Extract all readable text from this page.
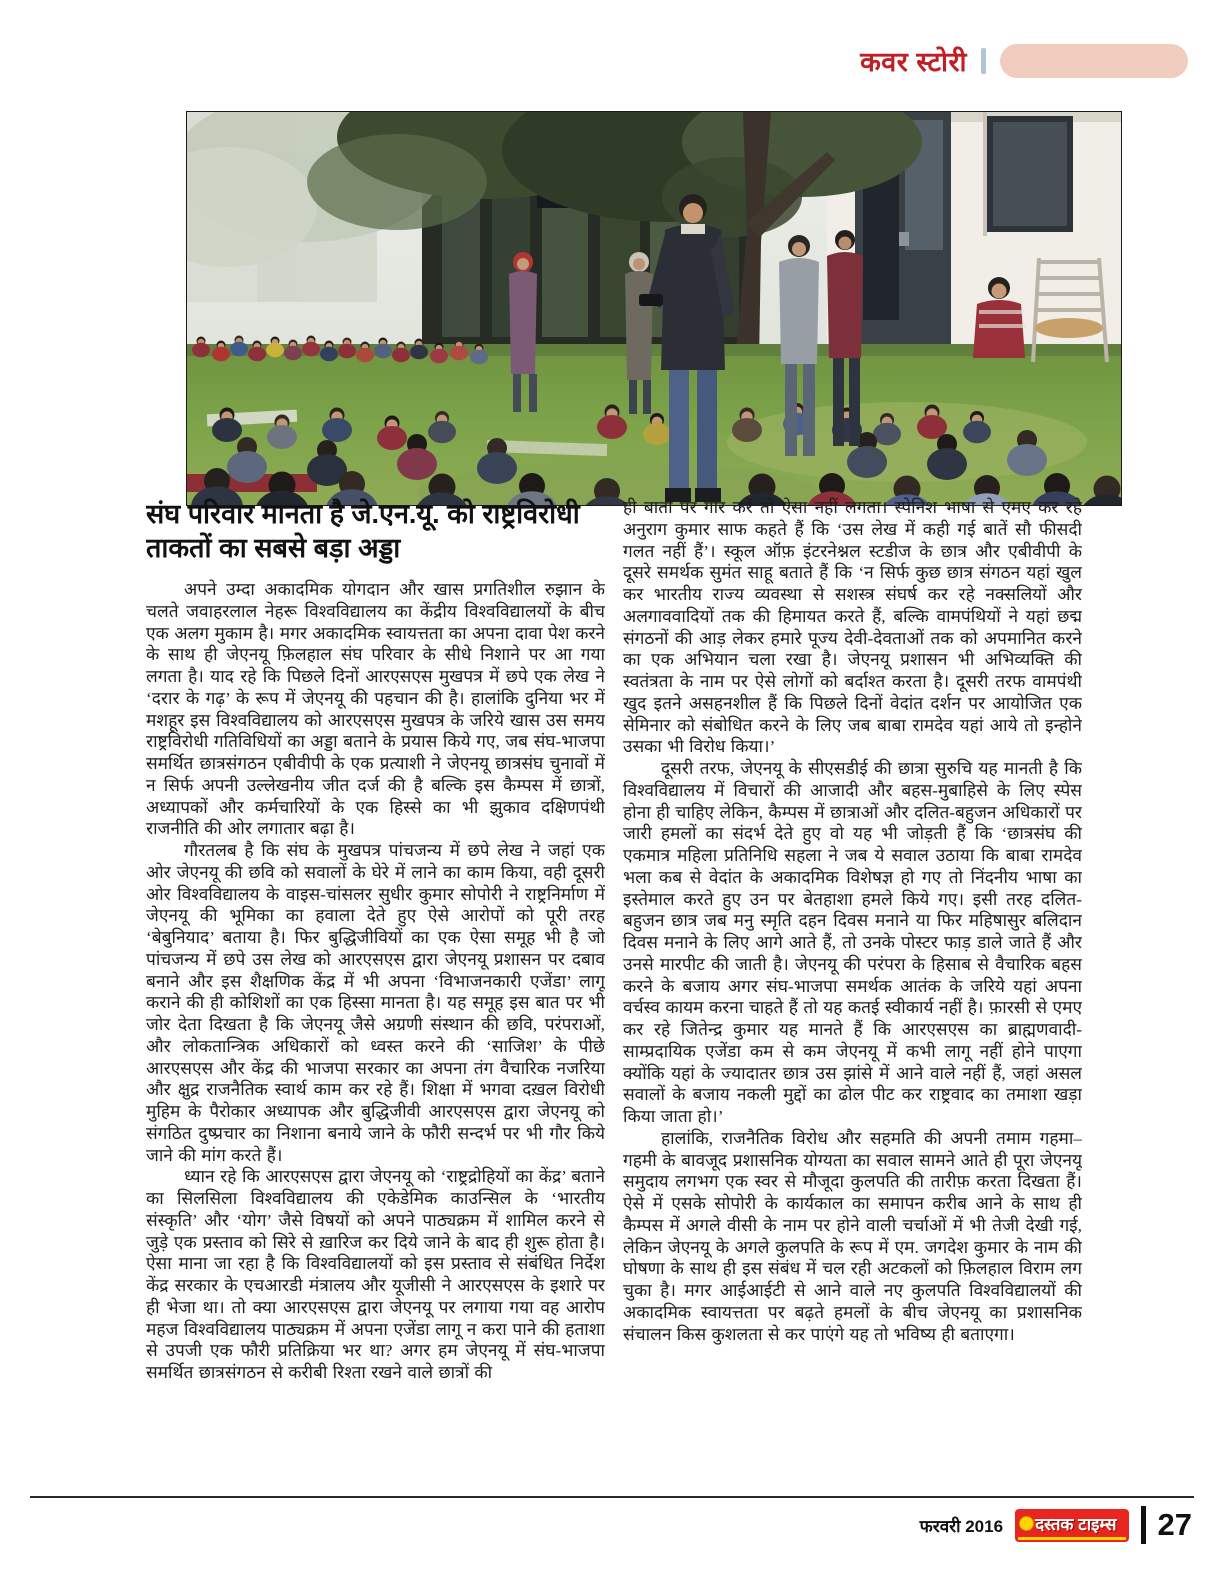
कवर स्टोरी
संघ परिवार मानता है जे.एन.यू. को राष्ट्रविरोधी ताकतों का सबसे बड़ा अड्डा

अपने उम्दा अकादमिक योगदान और खास प्रगतिशील रुझान के चलते जवाहरलाल नेहरू विश्वविद्यालय का केंद्रीय विश्वविद्यालयों के बीच एक अलग मुकाम है। मगर अकादमिक स्वायत्तता का अपना दावा पेश करने के साथ ही जेएनयू फ़िलहाल संघ परिवार के सीधे निशाने पर आ गया लगता है। याद रहे कि पिछले दिनों आरएसएस मुखपत्र में छपे एक लेख ने ‘दरार के गढ़’ के रूप में जेएनयू की पहचान की है। हालांकि दुनिया भर में मशहूर इस विश्वविद्यालय को आरएसएस मुखपत्र के जरिये खास उस समय राष्ट्रविरोधी गतिविधियों का अड्डा बताने के प्रयास किये गए, जब संघ-भाजपा समर्थित छात्रसंगठन एबीवीपी के एक प्रत्याशी ने जेएनयू छात्रसंघ चुनावों में न सिर्फ अपनी उल्लेखनीय जीत दर्ज की है बल्कि इस कैम्पस में छात्रों, अध्यापकों और कर्मचारियों के एक हिस्से का भी झुकाव दक्षिणपंथी राजनीति की ओर लगातार बढ़ा है।

गौरतलब है कि संघ के मुखपत्र पांचजन्य में छपे लेख ने जहां एक ओर जेएनयू की छवि को सवालों के घेरे में लाने का काम किया, वही दूसरी ओर विश्वविद्यालय के वाइस-चांसलर सुधीर कुमार सोपोरी ने राष्ट्रनिर्माण में जेएनयू की भूमिका का हवाला देते हुए ऐसे आरोपों को पूरी तरह ‘बेबुनियाद’ बताया है। फिर बुद्धिजीवियों का एक ऐसा समूह भी है जो पांचजन्य में छपे उस लेख को आरएसएस द्वारा जेएनयू प्रशासन पर दबाव बनाने और इस शैक्षणिक केंद्र में भी अपना ‘विभाजनकारी एजेंडा’ लागू कराने की ही कोशिशों का एक हिस्सा मानता है। यह समूह इस बात पर भी जोर देता दिखता है कि जेएनयू जैसे अग्रणी संस्थान की छवि, परंपराओं, और लोकतान्त्रिक अधिकारों को ध्वस्त करने की ‘साजिश’ के पीछे आरएसएस और केंद्र की भाजपा सरकार का अपना तंग वैचारिक नजरिया और क्षुद्र राजनैतिक स्वार्थ काम कर रहे हैं। शिक्षा में भगवा दख़ल विरोधी मुहिम के पैरोकार अध्यापक और बुद्धिजीवी आरएसएस द्वारा जेएनयू को संगठित दुष्प्रचार का निशाना बनाये जाने के फौरी सन्दर्भ पर भी गौर किये जाने की मांग करते हैं।

ध्यान रहे कि आरएसएस द्वारा जेएनयू को ‘राष्ट्रद्रोहियों का केंद्र’ बताने का सिलसिला विश्वविद्यालय की एकेडेमिक काउन्सिल के ‘भारतीय संस्कृति’ और ‘योग’ जैसे विषयों को अपने पाठ्यक्रम में शामिल करने से जुड़े एक प्रस्ताव को सिरे से ख़ारिज कर दिये जाने के बाद ही शुरू होता है। ऐसा माना जा रहा है कि विश्वविद्यालयों को इस प्रस्ताव से संबंधित निर्देश केंद्र सरकार के एचआरडी मंत्रालय और यूजीसी ने आरएसएस के इशारे पर ही भेजा था। तो क्या आरएसएस द्वारा जेएनयू पर लगाया गया वह आरोप महज विश्वविद्यालय पाठ्यक्रम में अपना एजेंडा लागू न करा पाने की हताशा से उपजी एक फौरी प्रतिक्रिया भर था? अगर हम जेएनयू में संघ-भाजपा समर्थित छात्रसंगठन से करीबी रिश्ता रखने वाले छात्रों की

ही बातों पर गौर करें तो ऐसा नहीं लगता। स्पेनिश भाषा से एमए कर रहे अनुराग कुमार साफ कहते हैं कि ‘उस लेख में कही गई बातें सौ फीसदी गलत नहीं हैं’। स्कूल ऑफ़ इंटरनेश्नल स्टडीज के छात्र और एबीवीपी के दूसरे समर्थक सुमंत साहू बताते हैं कि ‘न सिर्फ कुछ छात्र संगठन यहां खुल कर भारतीय राज्य व्यवस्था से सशस्त्र संघर्ष कर रहे नक्सलियों और अलगाववादियों तक की हिमायत करते हैं, बल्कि वामपंथियों ने यहां छद्म संगठनों की आड़ लेकर हमारे पूज्य देवी-देवताओं तक को अपमानित करने का एक अभियान चला रखा है। जेएनयू प्रशासन भी अभिव्यक्ति की स्वतंत्रता के नाम पर ऐसे लोगों को बर्दाश्त करता है। दूसरी तरफ वामपंथी खुद इतने असहनशील हैं कि पिछले दिनों वेदांत दर्शन पर आयोजित एक सेमिनार को संबोधित करने के लिए जब बाबा रामदेव यहां आये तो इन्होने उसका भी विरोध किया।’

दूसरी तरफ, जेएनयू के सीएसडीई की छात्रा सुरुचि यह मानती है कि विश्वविद्यालय में विचारों की आजादी और बहस-मुबाहिसे के लिए स्पेस होना ही चाहिए लेकिन, कैम्पस में छात्राओं और दलित-बहुजन अधिकारों पर जारी हमलों का संदर्भ देते हुए वो यह भी जोड़ती हैं कि ‘छात्रसंघ की एकमात्र महिला प्रतिनिधि सहला ने जब ये सवाल उठाया कि बाबा रामदेव भला कब से वेदांत के अकादमिक विशेषज्ञ हो गए तो निंदनीय भाषा का इस्तेमाल करते हुए उन पर बेतहाशा हमले किये गए। इसी तरह दलित-बहुजन छात्र जब मनु स्मृति दहन दिवस मनाने या फिर महिषासुर बलिदान दिवस मनाने के लिए आगे आते हैं, तो उनके पोस्टर फाड़ डाले जाते हैं और उनसे मारपीट की जाती है। जेएनयू की परंपरा के हिसाब से वैचारिक बहस करने के बजाय अगर संघ-भाजपा समर्थक आतंक के जरिये यहां अपना वर्चस्व कायम करना चाहते हैं तो यह कतई स्वीकार्य नहीं है। फ़ारसी से एमए कर रहे जितेन्द्र कुमार यह मानते हैं कि आरएसएस का ब्राह्मणवादी-साम्प्रदायिक एजेंडा कम से कम जेएनयू में कभी लागू नहीं होने पाएगा क्योंकि यहां के ज्यादातर छात्र उस झांसे में आने वाले नहीं हैं, जहां असल सवालों के बजाय नकली मुद्दों का ढोल पीट कर राष्ट्रवाद का तमाशा खड़ा किया जाता हो।’

हालांकि, राजनैतिक विरोध और सहमति की अपनी तमाम गहमा–गहमी के बावजूद प्रशासनिक योग्यता का सवाल सामने आते ही पूरा जेएनयू समुदाय लगभग एक स्वर से मौजूदा कुलपति की तारीफ़ करता दिखता हैं। ऐसे में एसके सोपोरी के कार्यकाल का समापन करीब आने के साथ ही कैम्पस में अगले वीसी के नाम पर होने वाली चर्चाओं में भी तेजी देखी गई, लेकिन जेएनयू के अगले कुलपति के रूप में एम. जगदेश कुमार के नाम की घोषणा के साथ ही इस संबंध में चल रही अटकलों को फ़िलहाल विराम लग चुका है। मगर आईआईटी से आने वाले नए कुलपति विश्वविद्यालयों की अकादमिक स्वायत्तता पर बढ़ते हमलों के बीच जेएनयू का प्रशासनिक संचालन किस कुशलता से कर पाएंगे यह तो भविष्य ही बताएगा।

फरवरी 2016 दस्तक टाइम्स 27
